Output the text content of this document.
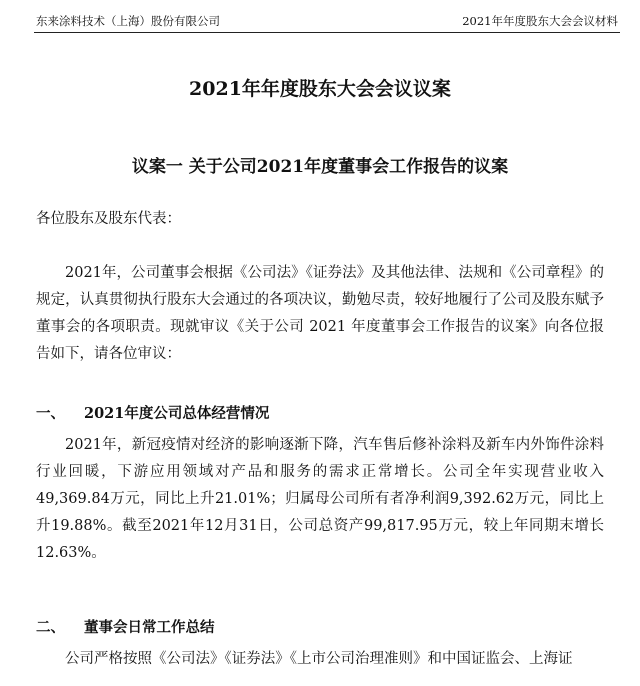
东来涂料技术（上海）股份有限公司	2021年年度股东大会会议材料
2021年年度股东大会会议议案
议案一 关于公司2021年度董事会工作报告的议案
各位股东及股东代表：

2021年，公司董事会根据《公司法》《证券法》及其他法律、法规和《公司章程》的规定，认真贯彻执行股东大会通过的各项决议，勤勉尽责，较好地履行了公司及股东赋予董事会的各项职责。现就审议《关于公司 2021 年度董事会工作报告的议案》向各位报告如下，请各位审议：

一、 2021年度公司总体经营情况

2021年，新冠疫情对经济的影响逐渐下降，汽车售后修补涂料及新车内外饰件涂料行业回暖，下游应用领域对产品和服务的需求正常增长。公司全年实现营业收入49,369.84万元，同比上升21.01%；归属母公司所有者净利润9,392.62万元，同比上升19.88%。截至2021年12月31日，公司总资产99,817.95万元，较上年同期末增长12.63%。

二、 董事会日常工作总结

公司严格按照《公司法》《证券法》《上市公司治理准则》和中国证监会、上海证
